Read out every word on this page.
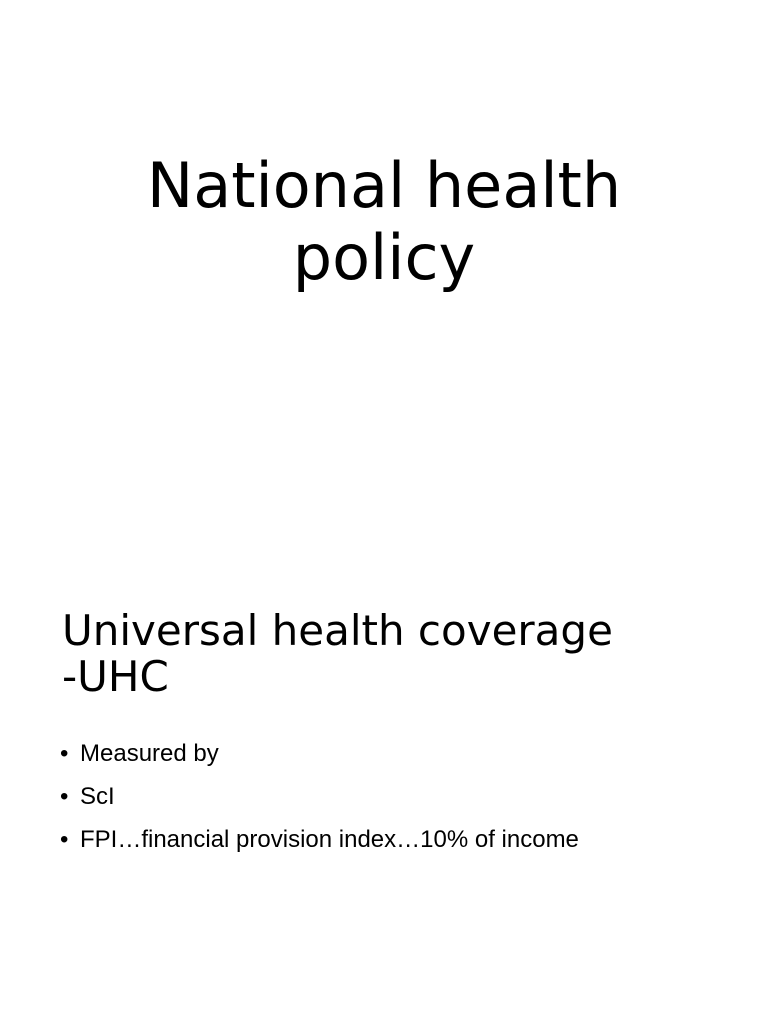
National health
policy
Universal health coverage
-UHC
• Measured by
• ScI
• FPI…financial provision index…10% of income
